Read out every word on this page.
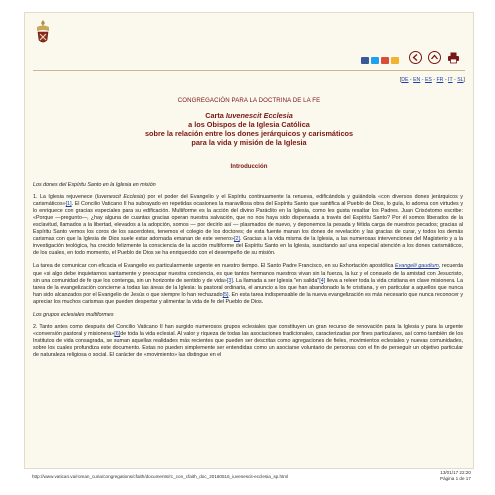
[DE - EN - ES - FR - IT - SL]
CONGREGACIÓN PARA LA DOCTRINA DE LA FE
Carta Iuvenescit Ecclesia
a los Obispos de la Iglesia Católica
sobre la relación entre los dones jerárquicos y carismáticos
para la vida y misión de la Iglesia
Introducción

Los dones del Espíritu Santo en la Iglesia en misión

1. La Iglesia rejuvenece (Iuvenescit Ecclesia) por el poder del Evangelio y el Espíritu continuamente la renueva, edificándola y guiándola «con diversos dones jerárquicos y carismáticos»[1]. El Concilio Vaticano II ha subrayado en repetidas ocasiones la maravillosa obra del Espíritu Santo que santifica al Pueblo de Dios, lo guía, lo adorna con virtudes y lo enriquece con gracias especiales para su edificación. Multiforme es la acción del divino Paráclito en la Iglesia, como les gusta resaltar los Padres. Juan Crisóstomo escribe: «Porque —pregunto—, ¿hay alguna de cuantas gracias operan nuestra salvación, que no nos haya sido dispensada a través del Espíritu Santo? Por él somos liberados de la esclavitud, llamados a la libertad, elevados a la adopción, somos — por decirlo así — plasmados de nuevo, y deponemos la pesada y fétida carga de nuestros pecados; gracias al Espíritu Santo vemos los coros de los sacerdotes, tenemos el colegio de los doctores; de esta fuente manan los dones de revelación y las gracias de curar, y todos los demás carismas con que la Iglesia de Dios suele estar adornada emanan de este venero»[2]. Gracias a la vida misma de la Iglesia, a las numerosas intervenciones del Magisterio y a la investigación teológica, ha crecido felizmente la consciencia de la acción multiforme del Espíritu Santo en la Iglesia, suscitando así una especial atención a los dones carismáticos, de los cuales, en todo momento, el Pueblo de Dios se ha enriquecido con el desempeño de su misión.

La tarea de comunicar con eficacia el Evangelio es particularmente urgente en nuestro tiempo. El Santo Padre Francisco, en su Exhortación apostólica Evangelii gaudium, recuerda que «si algo debe inquietarnos santamente y preocupar nuestra conciencia, es que tantos hermanos nuestros vivan sin la fuerza, la luz y el consuelo de la amistad con Jesucristo, sin una comunidad de fe que los contenga, sin un horizonte de sentido y de vida»[3]. La llamada a ser Iglesia "en salida"[4] lleva a releer toda la vida cristiana en clave misionera. La tarea de la evangelización concierne a todas las áreas de la Iglesia: la pastoral ordinaria, el anuncio a los que han abandonado la fe cristiana, y en particular a aquellos que nunca han sido alcanzados por el Evangelio de Jesús o que siempre lo han rechazado[5]. En esta tarea indispensable de la nueva evangelización es más necesario que nunca reconocer y apreciar los muchos carismas que pueden despertar y alimentar la vida de fe del Pueblo de Dios.

Los grupos eclesiales multiformes

2. Tanto antes como después del Concilio Vaticano II han surgido numerosos grupos eclesiales que constituyen un gran recurso de renovación para la Iglesia y para la urgente «conversión pastoral y misionera»[6]de toda la vida eclesial. Al valor y riqueza de todas las asociaciones tradicionales, caracterizadas por fines particulares, así como también de los Institutos de vida consagrada, se suman aquellas realidades más recientes que pueden ser descritas como agregaciones de fieles, movimientos eclesiales y nuevas comunidades, sobre los cuales profundiza este documento. Estas no pueden simplemente ser entendidas como un asociarse voluntario de personas con el fin de perseguir un objetivo particular de naturaleza religiosa o social. El carácter de «movimiento» las distingue en el

http://www.vatican.va/roman_curia/congregations/cfaith/documents/rc_con_cfaith_doc_20160516_iuvenescit-ecclesia_sp.html
13/01/17 22:20
Página 1 de 17
